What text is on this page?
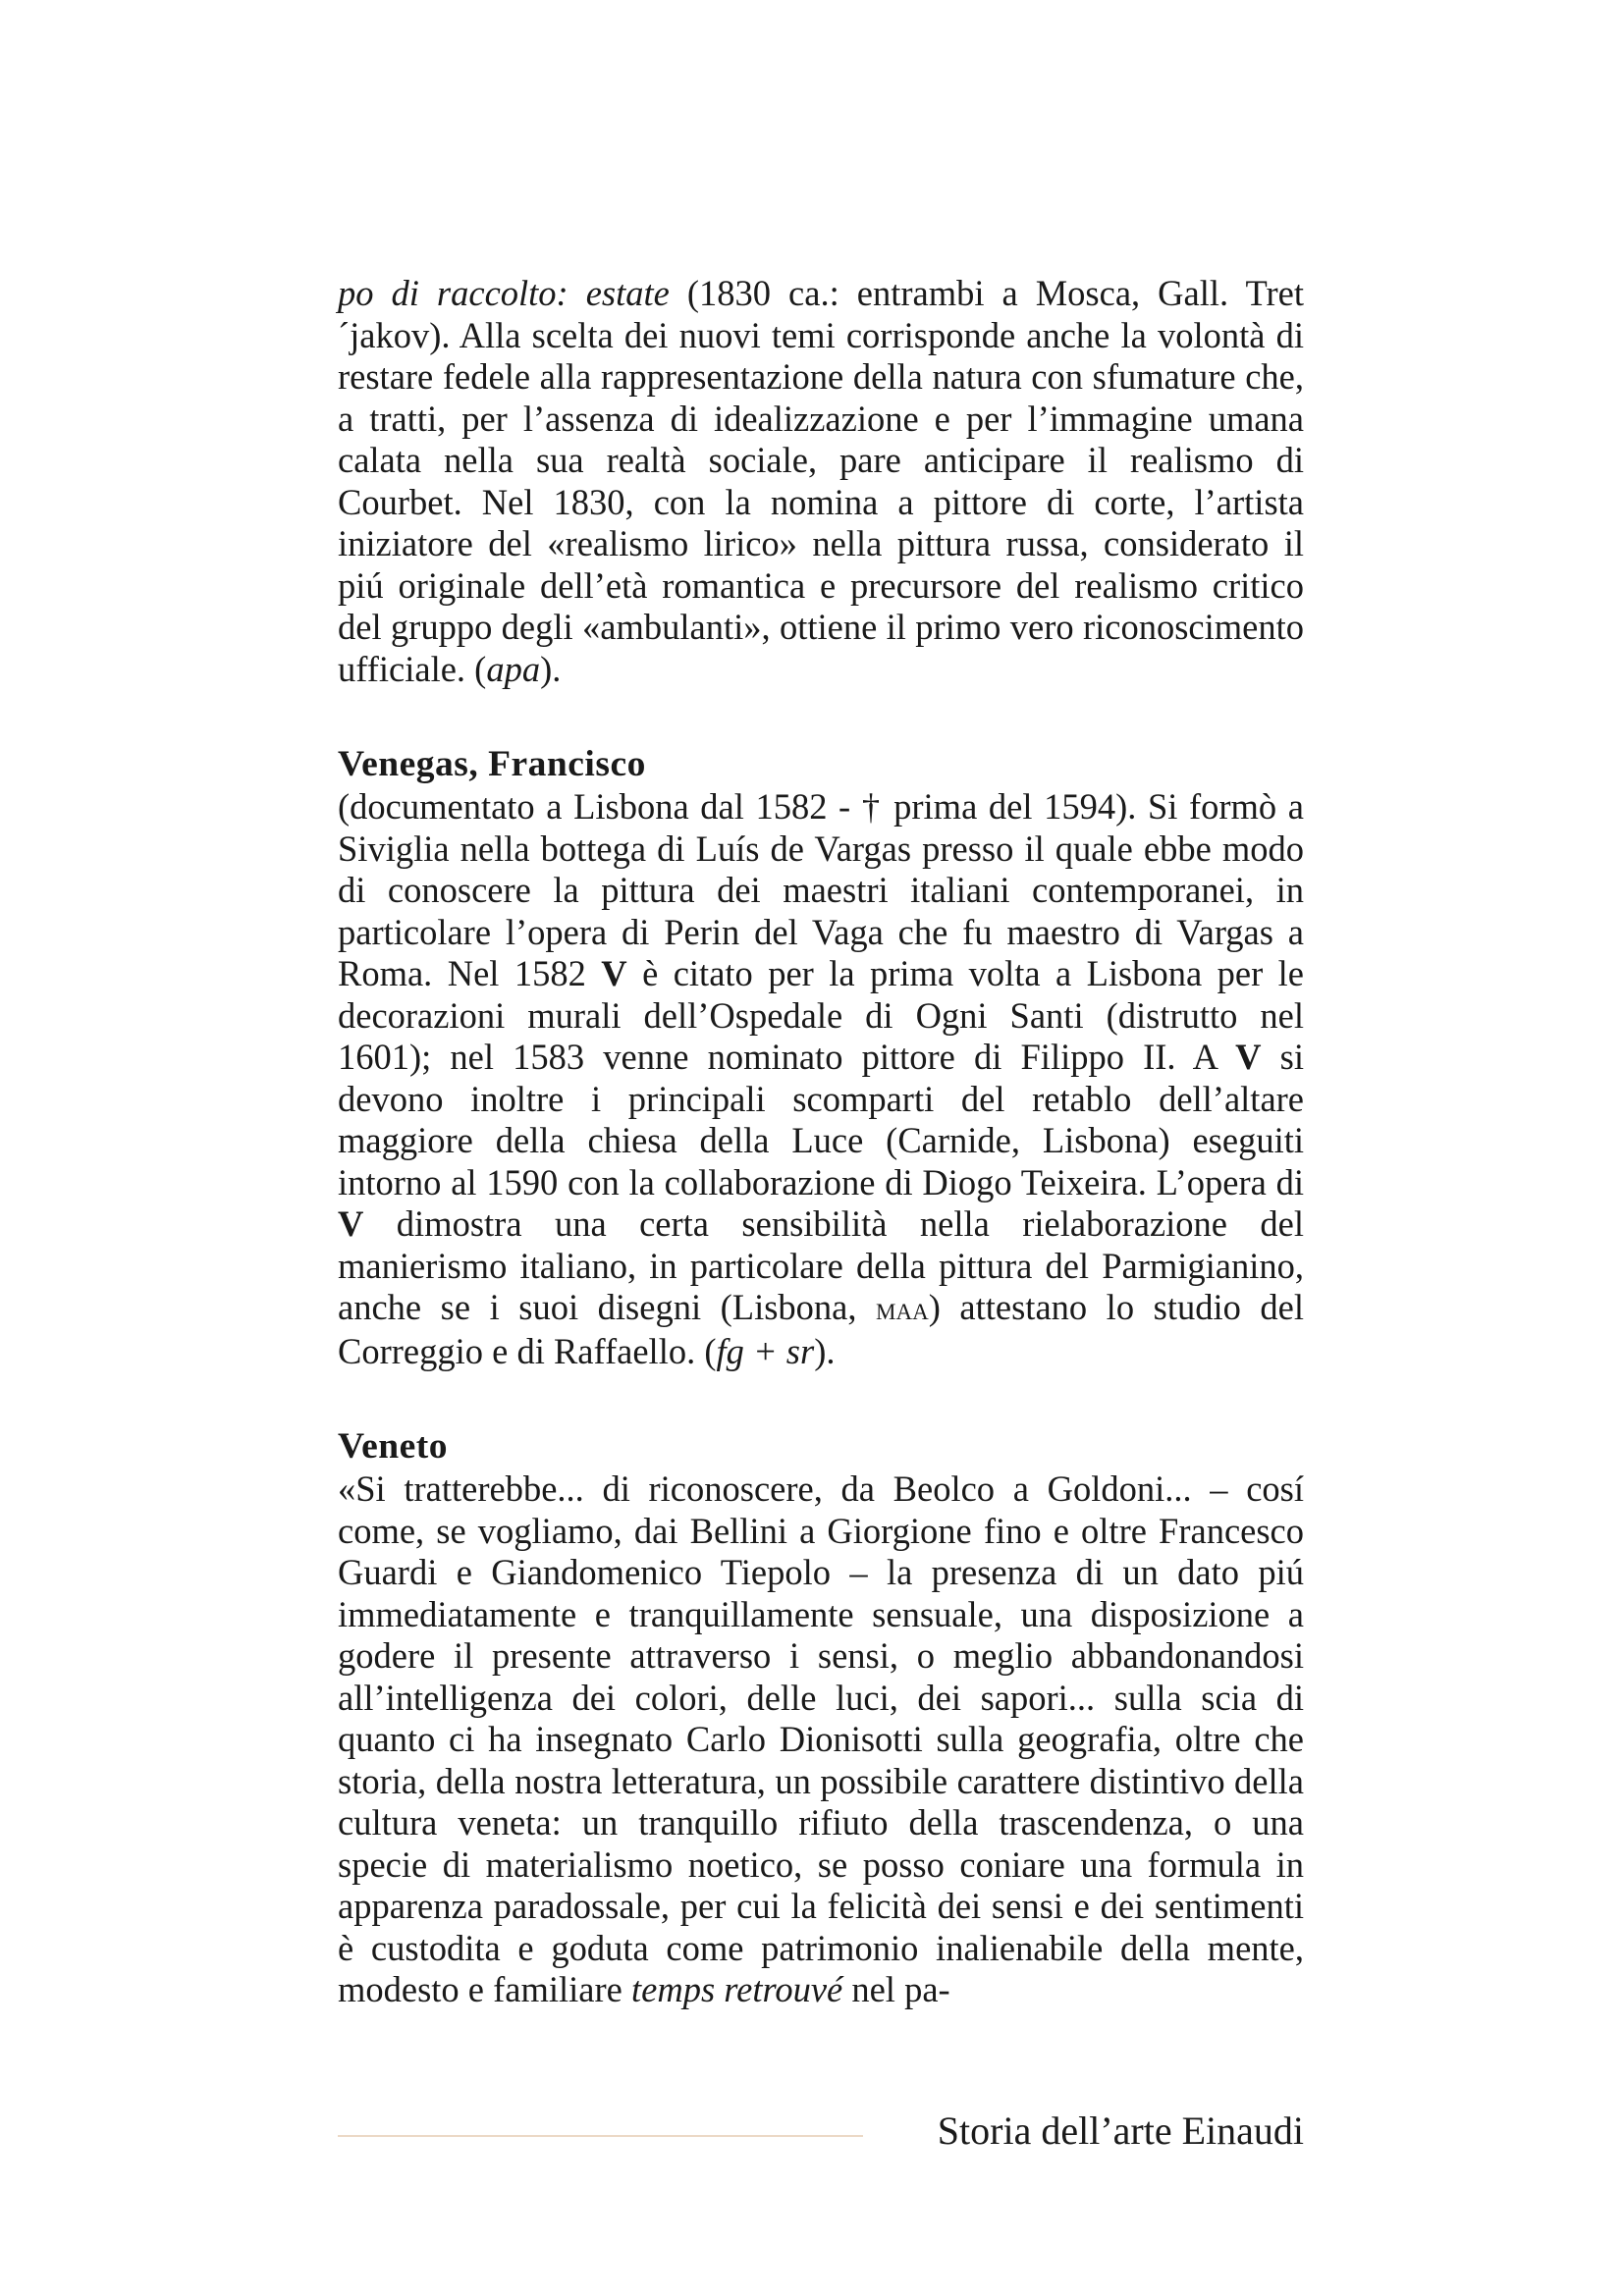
po di raccolto: estate (1830 ca.: entrambi a Mosca, Gall. Tret´jakov). Alla scelta dei nuovi temi corrisponde anche la volontà di restare fedele alla rappresentazione della natura con sfumature che, a tratti, per l’assenza di idealizzazione e per l’immagine umana calata nella sua realtà sociale, pare anticipare il realismo di Courbet. Nel 1830, con la nomina a pittore di corte, l’artista iniziatore del «realismo lirico» nella pittura russa, considerato il piú originale dell’età romantica e precursore del realismo critico del gruppo degli «ambulanti», ottiene il primo vero riconoscimento ufficiale. (apa).

Venegas, Francisco

(documentato a Lisbona dal 1582 - † prima del 1594). Si formò a Siviglia nella bottega di Luís de Vargas presso il quale ebbe modo di conoscere la pittura dei maestri italiani contemporanei, in particolare l’opera di Perin del Vaga che fu maestro di Vargas a Roma. Nel 1582 V è citato per la prima volta a Lisbona per le decorazioni murali dell’Ospedale di Ogni Santi (distrutto nel 1601); nel 1583 venne nominato pittore di Filippo II. A V si devono inoltre i principali scomparti del retablo dell’altare maggiore della chiesa della Luce (Carnide, Lisbona) eseguiti intorno al 1590 con la collaborazione di Diogo Teixeira. L’opera di V dimostra una certa sensibilità nella rielaborazione del manierismo italiano, in particolare della pittura del Parmigianino, anche se i suoi disegni (Lisbona, maa) attestano lo studio del Correggio e di Raffaello. (fg + sr).

Veneto

«Si tratterebbe... di riconoscere, da Beolco a Goldoni... – cosí come, se vogliamo, dai Bellini a Giorgione fino e oltre Francesco Guardi e Giandomenico Tiepolo – la presenza di un dato piú immediatamente e tranquillamente sensuale, una disposizione a godere il presente attraverso i sensi, o meglio abbandonandosi all’intelligenza dei colori, delle luci, dei sapori... sulla scia di quanto ci ha insegnato Carlo Dionisotti sulla geografia, oltre che storia, della nostra letteratura, un possibile carattere distintivo della cultura veneta: un tranquillo rifiuto della trascendenza, o una specie di materialismo noetico, se posso coniare una formula in apparenza paradossale, per cui la felicità dei sensi e dei sentimenti è custodita e goduta come patrimonio inalienabile della mente, modesto e familiare temps retrouvé nel pa-

Storia dell’arte Einaudi
